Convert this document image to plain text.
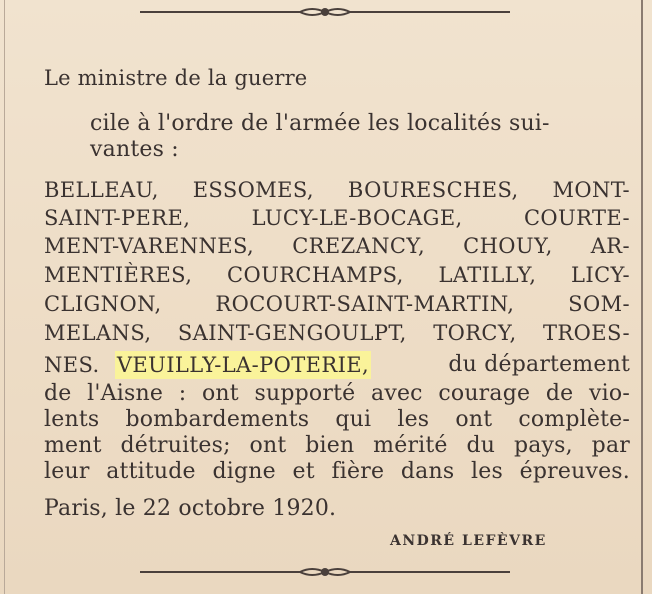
Le ministre de la guerre
cile à l'ordre de l'armée les localités sui-
vantes :
BELLEAU, ESSOMES, BOURESCHES, MONT-
SAINT-PERE, LUCY-LE-BOCAGE, COURTE-
MENT-VARENNES, CREZANCY, CHOUY, AR-
MENTIÈRES, COURCHAMPS, LATILLY, LICY-
CLIGNON, ROCOURT-SAINT-MARTIN, SOM-
MELANS, SAINT-GENGOULPT, TORCY, TROES-
NES. VEUILLY-LA-POTERIE,	du département
de l'Aisne : ont supporté avec courage de vio-
lents bombardements qui les ont complète-
ment détruites; ont bien mérité du pays, par
leur attitude digne et fière dans les épreuves.
Paris, le 22 octobre 1920.
ANDRÉ LEFÈVRE
